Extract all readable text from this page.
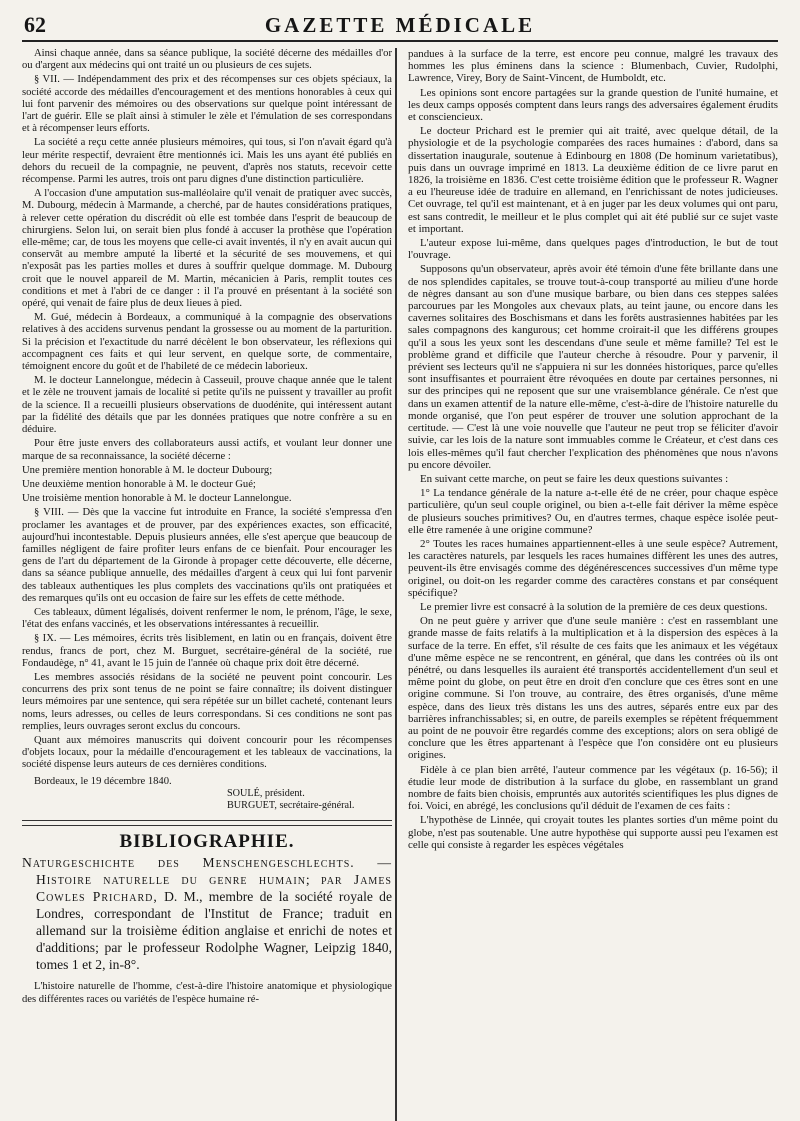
62	GAZETTE MÉDICALE

Ainsi chaque année, dans sa séance publique, la société décerne des médailles d'or ou d'argent aux médecins qui ont traité un ou plusieurs de ces sujets.

§ VII. — Indépendamment des prix et des récompenses sur ces objets spéciaux, la société accorde des médailles d'encouragement et des mentions honorables à ceux qui lui font parvenir des mémoires ou des observations sur quelque point intéressant de l'art de guérir. Elle se plaît ainsi à stimuler le zèle et l'émulation de ses correspondans et à récompenser leurs efforts.

La société a reçu cette année plusieurs mémoires, qui tous, si l'on n'avait égard qu'à leur mérite respectif, devraient être mentionnés ici. Mais les uns ayant été publiés en dehors du recueil de la compagnie, ne peuvent, d'après nos statuts, recevoir cette récompense. Parmi les autres, trois ont paru dignes d'une distinction particulière.

A l'occasion d'une amputation sus-malléolaire qu'il venait de pratiquer avec succès, M. Dubourg, médecin à Marmande, a cherché, par de hautes considérations pratiques, à relever cette opération du discrédit où elle est tombée dans l'esprit de beaucoup de chirurgiens. Selon lui, on serait bien plus fondé à accuser la prothèse que l'opération elle-même; car, de tous les moyens que celle-ci avait inventés, il n'y en avait aucun qui conservât au membre amputé la liberté et la sécurité de ses mouvemens, et qui n'exposât pas les parties molles et dures à souffrir quelque dommage. M. Dubourg croit que le nouvel appareil de M. Martin, mécanicien à Paris, remplit toutes ces conditions et met à l'abri de ce danger : il l'a prouvé en présentant à la société son opéré, qui venait de faire plus de deux lieues à pied.

M. Gué, médecin à Bordeaux, a communiqué à la compagnie des observations relatives à des accidens survenus pendant la grossesse ou au moment de la parturition. Si la précision et l'exactitude du narré décèlent le bon observateur, les réflexions qui accompagnent ces faits et qui leur servent, en quelque sorte, de commentaire, témoignent encore du goût et de l'habileté de ce médecin laborieux.

M. le docteur Lannelongue, médecin à Casseuil, prouve chaque année que le talent et le zèle ne trouvent jamais de localité si petite qu'ils ne puissent y travailler au profit de la science. Il a recueilli plusieurs observations de duodénite, qui intéressent autant par la fidélité des détails que par les données pratiques que notre confrère a su en déduire.

Pour être juste envers des collaborateurs aussi actifs, et voulant leur donner une marque de sa reconnaissance, la société décerne :

Une première mention honorable à M. le docteur Dubourg;

Une deuxième mention honorable à M. le docteur Gué;

Une troisième mention honorable à M. le docteur Lannelongue.

§ VIII. — Dès que la vaccine fut introduite en France, la société s'empressa d'en proclamer les avantages et de prouver, par des expériences exactes, son efficacité, aujourd'hui incontestable. Depuis plusieurs années, elle s'est aperçue que beaucoup de familles négligent de faire profiter leurs enfans de ce bienfait. Pour encourager les gens de l'art du département de la Gironde à propager cette découverte, elle décerne, dans sa séance publique annuelle, des médailles d'argent à ceux qui lui font parvenir des tableaux authentiques les plus complets des vaccinations qu'ils ont pratiquées et des remarques qu'ils ont eu occasion de faire sur les effets de cette méthode.

Ces tableaux, dûment légalisés, doivent renfermer le nom, le prénom, l'âge, le sexe, l'état des enfans vaccinés, et les observations intéressantes à recueillir.

§ IX. — Les mémoires, écrits très lisiblement, en latin ou en français, doivent être rendus, francs de port, chez M. Burguet, secrétaire-général de la société, rue Fondaudège, n° 41, avant le 15 juin de l'année où chaque prix doit être décerné.

Les membres associés résidans de la société ne peuvent point concourir. Les concurrens des prix sont tenus de ne point se faire connaître; ils doivent distinguer leurs mémoires par une sentence, qui sera répétée sur un billet cacheté, contenant leurs noms, leurs adresses, ou celles de leurs correspondans. Si ces conditions ne sont pas remplies, leurs ouvrages seront exclus du concours.

Quant aux mémoires manuscrits qui doivent concourir pour les récompenses d'objets locaux, pour la médaille d'encouragement et les tableaux de vaccinations, la société dispense leurs auteurs de ces dernières conditions.

Bordeaux, le 19 décembre 1840.
SOULÉ, président.
BURGUET, secrétaire-général.
BIBLIOGRAPHIE.
Naturgeschichte des Menschengeschlechts. — Histoire naturelle du genre humain; par James Cowles Prichard, D. M., membre de la société royale de Londres, correspondant de l'Institut de France; traduit en allemand sur la troisième édition anglaise et enrichi de notes et d'additions; par le professeur Rodolphe Wagner, Leipzig 1840, tomes 1 et 2, in-8°.

L'histoire naturelle de l'homme, c'est-à-dire l'histoire anatomique et physiologique des différentes races ou variétés de l'espèce humaine ré-

pandues à la surface de la terre, est encore peu connue, malgré les travaux des hommes les plus éminens dans la science : Blumenbach, Cuvier, Rudolphi, Lawrence, Virey, Bory de Saint-Vincent, de Humboldt, etc.

Les opinions sont encore partagées sur la grande question de l'unité humaine, et les deux camps opposés comptent dans leurs rangs des adversaires également érudits et consciencieux.

Le docteur Prichard est le premier qui ait traité, avec quelque détail, de la physiologie et de la psychologie comparées des races humaines : d'abord, dans sa dissertation inaugurale, soutenue à Edinbourg en 1808 (De hominum varietatibus), puis dans un ouvrage imprimé en 1813. La deuxième édition de ce livre parut en 1826, la troisième en 1836. C'est cette troisième édition que le professeur R. Wagner a eu l'heureuse idée de traduire en allemand, en l'enrichissant de notes judicieuses. Cet ouvrage, tel qu'il est maintenant, et à en juger par les deux volumes qui ont paru, est sans contredit, le meilleur et le plus complet qui ait été publié sur ce sujet vaste et important.

L'auteur expose lui-même, dans quelques pages d'introduction, le but de tout l'ouvrage.

Supposons qu'un observateur, après avoir été témoin d'une fête brillante dans une de nos splendides capitales, se trouve tout-à-coup transporté au milieu d'une horde de nègres dansant au son d'une musique barbare, ou bien dans ces steppes salées parcourues par les Mongoles aux chevaux plats, au teint jaune, ou encore dans les cavernes solitaires des Boschismans et dans les forêts austrasiennes habitées par les sales compagnons des kangurous; cet homme croirait-il que les différens groupes qu'il a sous les yeux sont les descendans d'une seule et même famille? Tel est le problème grand et difficile que l'auteur cherche à résoudre. Pour y parvenir, il prévient ses lecteurs qu'il ne s'appuiera ni sur les données historiques, parce qu'elles sont insuffisantes et pourraient être révoquées en doute par certaines personnes, ni sur des principes qui ne reposent que sur une vraisemblance générale. Ce n'est que dans un examen attentif de la nature elle-même, c'est-à-dire de l'histoire naturelle du monde organisé, que l'on peut espérer de trouver une solution approchant de la certitude. — C'est là une voie nouvelle que l'auteur ne peut trop se féliciter d'avoir suivie, car les lois de la nature sont immuables comme le Créateur, et c'est dans ces lois elles-mêmes qu'il faut chercher l'explication des phénomènes que nous n'avons pu encore dévoiler.

En suivant cette marche, on peut se faire les deux questions suivantes :

1° La tendance générale de la nature a-t-elle été de ne créer, pour chaque espèce particulière, qu'un seul couple originel, ou bien a-t-elle fait dériver la même espèce de plusieurs souches primitives? Ou, en d'autres termes, chaque espèce isolée peut-elle être ramenée à une origine commune?

2° Toutes les races humaines appartiennent-elles à une seule espèce? Autrement, les caractères naturels, par lesquels les races humaines diffèrent les unes des autres, peuvent-ils être envisagés comme des dégénérescences successives d'un même type originel, ou doit-on les regarder comme des caractères constans et par conséquent spécifique?

Le premier livre est consacré à la solution de la première de ces deux questions.

On ne peut guère y arriver que d'une seule manière : c'est en rassemblant une grande masse de faits relatifs à la multiplication et à la dispersion des espèces à la surface de la terre. En effet, s'il résulte de ces faits que les animaux et les végétaux d'une même espèce ne se rencontrent, en général, que dans les contrées où ils ont pénétré, ou dans lesquelles ils auraient été transportés accidentellement d'un seul et même point du globe, on peut être en droit d'en conclure que ces êtres sont en une origine commune. Si l'on trouve, au contraire, des êtres organisés, d'une même espèce, dans des lieux très distans les uns des autres, séparés entre eux par des barrières infranchissables; si, en outre, de pareils exemples se répètent fréquemment au point de ne pouvoir être regardés comme des exceptions; alors on sera obligé de conclure que les êtres appartenant à l'espèce que l'on considère ont eu plusieurs origines.

Fidèle à ce plan bien arrêté, l'auteur commence par les végétaux (p. 16-56); il étudie leur mode de distribution à la surface du globe, en rassemblant un grand nombre de faits bien choisis, empruntés aux autorités scientifiques les plus dignes de foi. Voici, en abrégé, les conclusions qu'il déduit de l'examen de ces faits :

L'hypothèse de Linnée, qui croyait toutes les plantes sorties d'un même point du globe, n'est pas soutenable. Une autre hypothèse qui supporte aussi peu l'examen est celle qui consiste à regarder les espèces végétales
